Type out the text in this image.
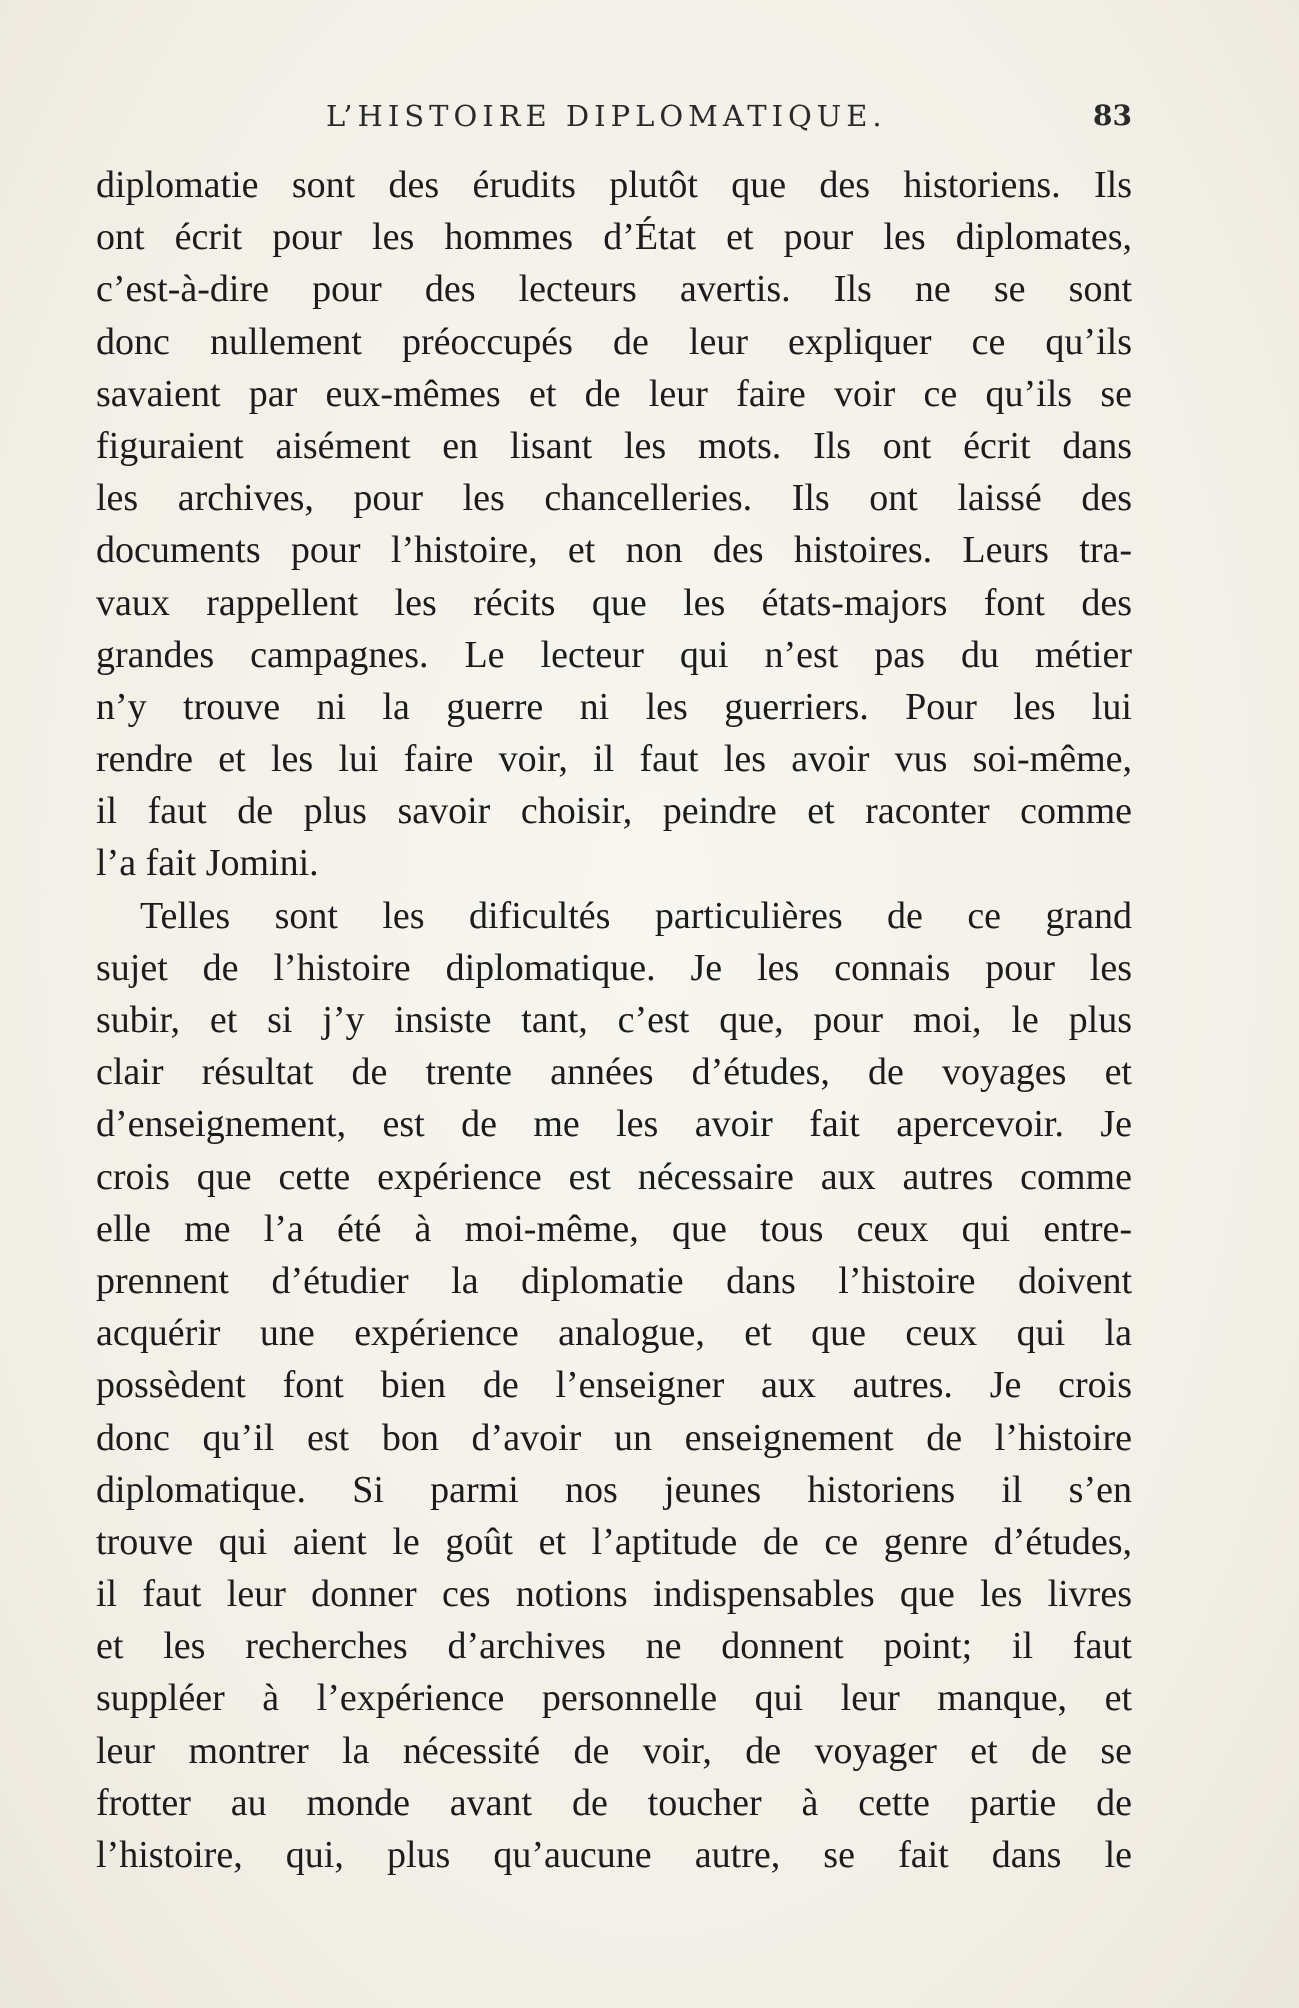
L’HISTOIRE DIPLOMATIQUE.	83
diplomatie sont des érudits plutôt que des historiens. Ils
ont écrit pour les hommes d’État et pour les diplomates,
c’est-à-dire pour des lecteurs avertis. Ils ne se sont
donc nullement préoccupés de leur expliquer ce qu’ils
savaient par eux-mêmes et de leur faire voir ce qu’ils se
figuraient aisément en lisant les mots. Ils ont écrit dans
les archives, pour les chancelleries. Ils ont laissé des
documents pour l’histoire, et non des histoires. Leurs tra-
vaux rappellent les récits que les états-majors font des
grandes campagnes. Le lecteur qui n’est pas du métier
n’y trouve ni la guerre ni les guerriers. Pour les lui
rendre et les lui faire voir, il faut les avoir vus soi-même,
il faut de plus savoir choisir, peindre et raconter comme
l’a fait Jomini.
Telles sont les dificultés particulières de ce grand
sujet de l’histoire diplomatique. Je les connais pour les
subir, et si j’y insiste tant, c’est que, pour moi, le plus
clair résultat de trente années d’études, de voyages et
d’enseignement, est de me les avoir fait apercevoir. Je
crois que cette expérience est nécessaire aux autres comme
elle me l’a été à moi-même, que tous ceux qui entre-
prennent d’étudier la diplomatie dans l’histoire doivent
acquérir une expérience analogue, et que ceux qui la
possèdent font bien de l’enseigner aux autres. Je crois
donc qu’il est bon d’avoir un enseignement de l’histoire
diplomatique. Si parmi nos jeunes historiens il s’en
trouve qui aient le goût et l’aptitude de ce genre d’études,
il faut leur donner ces notions indispensables que les livres
et les recherches d’archives ne donnent point; il faut
suppléer à l’expérience personnelle qui leur manque, et
leur montrer la nécessité de voir, de voyager et de se
frotter au monde avant de toucher à cette partie de
l’histoire, qui, plus qu’aucune autre, se fait dans le
